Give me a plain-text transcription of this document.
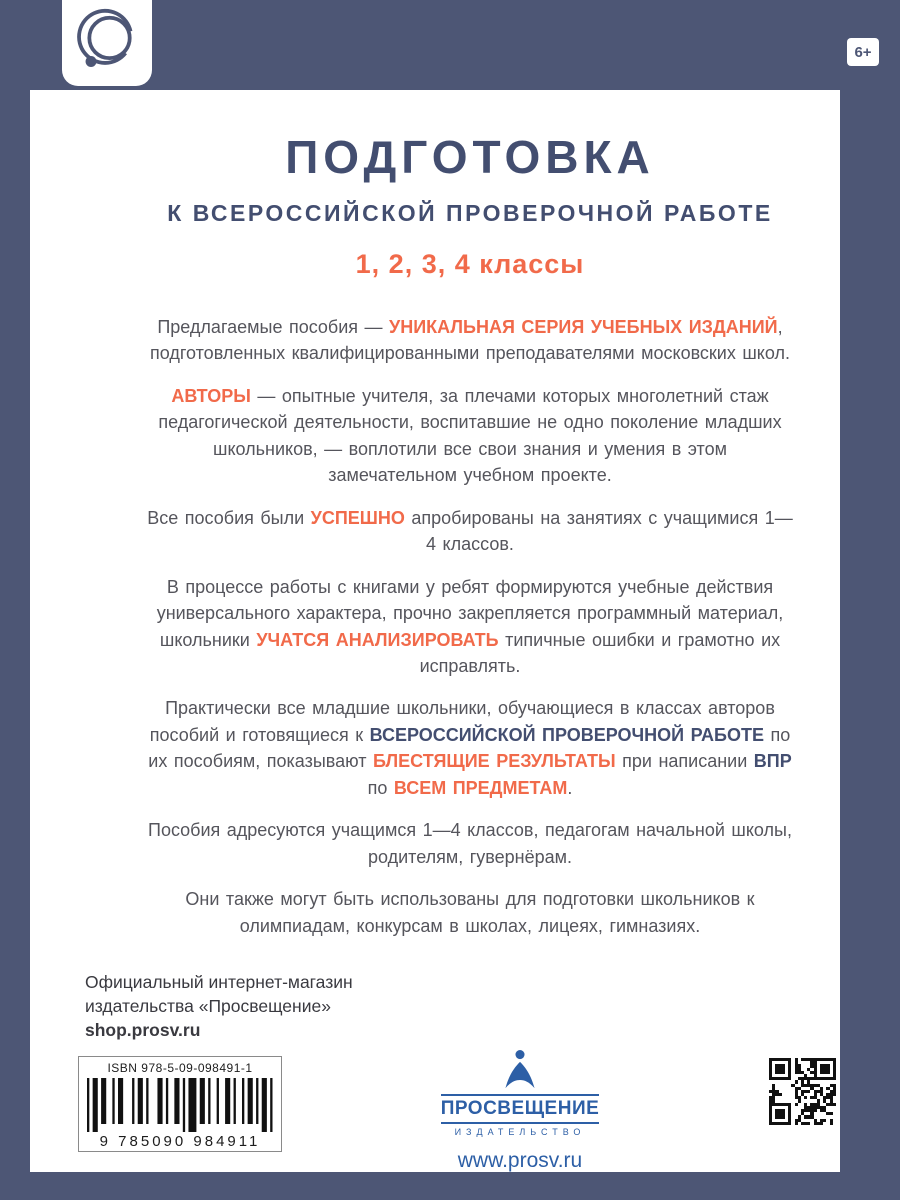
6+
ПОДГОТОВКА
К ВСЕРОССИЙСКОЙ ПРОВЕРОЧНОЙ РАБОТЕ
1, 2, 3, 4 классы

Предлагаемые пособия — УНИКАЛЬНАЯ СЕРИЯ УЧЕБНЫХ ИЗДАНИЙ, подготовленных квалифицированными преподавателями московских школ.

АВТОРЫ — опытные учителя, за плечами которых многолетний стаж педагогической деятельности, воспитавшие не одно поколение младших школьников, — воплотили все свои знания и умения в этом замечательном учебном проекте.

Все пособия были УСПЕШНО апробированы на занятиях с учащимися 1—4 классов.

В процессе работы с книгами у ребят формируются учебные действия универсального характера, прочно закрепляется программный материал, школьники УЧАТСЯ АНАЛИЗИРОВАТЬ типичные ошибки и грамотно их исправлять.

Практически все младшие школьники, обучающиеся в классах авторов пособий и готовящиеся к ВСЕРОССИЙСКОЙ ПРОВЕРОЧНОЙ РАБОТЕ по их пособиям, показывают БЛЕСТЯЩИЕ РЕЗУЛЬТАТЫ при написании ВПР по ВСЕМ ПРЕДМЕТАМ.

Пособия адресуются учащимся 1—4 классов, педагогам начальной школы, родителям, гувернёрам.

Они также могут быть использованы для подготовки школьников к олимпиадам, конкурсам в школах, лицеях, гимназиях.

Официальный интернет-магазин
издательства «Просвещение»
shop.prosv.ru
ISBN 978-5-09-098491-1
9 785090 984911
ПРОСВЕЩЕНИЕ
ИЗДАТЕЛЬСТВО
www.prosv.ru
